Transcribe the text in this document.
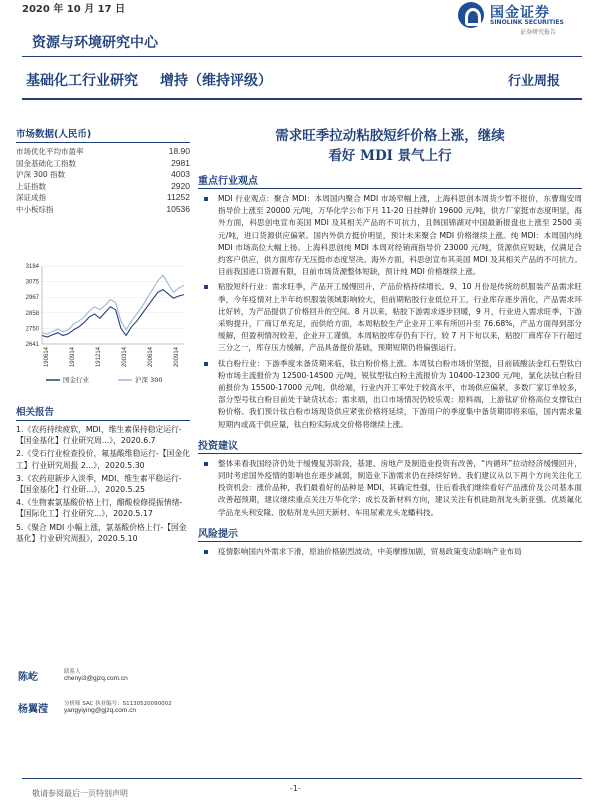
2020 年 10 月 17 日	国金证券
SINOLINK SECURITIES
证券研究报告
资源与环境研究中心
基础化工行业研究 增持（维持评级）	行业周报
市场数据(人民币)
市场优化平均市盈率	18.90
国金基础化工指数	2981
沪深 300 指数	4003
上证指数	2920
深证成指	11252
中小板综指	10536
3184
3075
2967
2858
2750
2641
190614	190914	191214	200314	200614	200914
国金行业	沪深 300
相关报告
1.《农药持续疲软，MDI、维生素保持稳定运行-【国金基化】行业研究周...》，2020.6.7
2.《受石行业检查投价，氟基酸维稳运行-【国金化工】行业研究周报 2...》，2020.5.30
3.《农药迎新步入淡季，MDI、维生素平稳运行-【国金基化】行业研...》，2020.5.25
4.《生物素氯基酸价格上行，醋酸检修提振情绪-【国际化工】行业研究...》，2020.5.17
5.《聚合 MDI 小幅上涨，氯基酸价格上行-【国金基化】行业研究周报》，2020.5.10
陈屹	联系人
chenyi3@gjzq.com.cn
杨翼滢	分析师 SAC 执业编号：S1130520090002
yangyiying@gjzq.com.cn
需求旺季拉动粘胶短纤价格上涨，继续
看好 MDI 景气上行
重点行业观点
MDI 行业观点：聚合 MDI：本周国内聚合 MDI 市场窄幅上涨，上海科思创本周货少暂不报价，东曹瑞安周指导价上涨至 20000 元/吨，万华化学公布下月 11-20 日挂牌价 19600 元/吨，供方厂家挺市态度明显，海外方面，科思创电宣布美国 MDI 及其相关产品的不可抗力，且韩国锦湖对中国最新报盘也上涨至 2500 美元/吨，进口货源供应偏紧。国内外供方挺价明显，预计未来聚合 MDI 价格继续上涨。纯 MDI：本周国内纯 MDI 市场高位大幅上扬。上海科思创纯 MDI 本周对经销商指导价 23000 元/吨，货源供应短缺，仅满足合约客户供应，供方面库存无压挺市态度坚决。海外方面，科思创宣布其美国 MDI 及其相关产品的不可抗力。目前我国进口货源有限，目前市场货源整体短缺，预计纯 MDI 价格继续上涨。
粘胶短纤行业：需求旺季，产品开工缓慢回升，产品价格持续增长。9、10 月份是传统纺织服装产品需求旺季，今年疫情对上半年纺织服装领域影响较大，但前期粘胶行业低位开工，行业库存逐步消化，产品需求环比好转，为产品提供了价格回升的空间。8 月以来，粘胶下游需求逐步回暖，9 月，行业进入需求旺季，下游采购提升，厂商订单充足，而供给方面，本周粘胶生产企业开工率有所回升至 76.68%，产品方面得到部分缓解，但盈利情况较差，企业开工谨慎，本周粘胶库存仍有下行，较 7 月下旬以来，粘胶厂商库存下行超过三分之一，库存压力缓解，产品具备提价基础，预期短期仍将偏强运行。
钛白粉行业：下游季度末备货期来临，钛白粉价格上涨。本周钛白粉市场价坚挺，目前硫酸法金红石型钛白粉市场主流报价为 12500-14500 元/吨，锐钛型钛白粉主流报价为 10400-12300 元/吨，氯化法钛白粉目前报价为 15500-17000 元/吨。供给端，行业内开工率处于较高水平，市场供应偏紧，多数厂家订单较多，部分型号钛白粉目前处于缺货状态；需求端，出口市场情况仍较乐观；原料端，上游钛矿价格高位支撑钛白粉价格。我们预计钛白粉市场现货供应紧张价格将延续，下游用户的季度集中备货期即将来临，国内需求量短期内或高于供应量，钛白粉实际成交价格将继续上涨。
投资建议
整体来看我国经济仍处于缓慢复苏阶段，基建、房地产及制造业投资有改善，“内循环”拉动经济缓慢回升，同时考虑国外疫情的影响也在逐步减弱，制造业下游需求仍在持续好转。我们建议从以下两个方向关注化工投资机会：涨价品种，我们最看好的品种是 MDI，其确定性强，往后看我们继续看好产品涨价及公司基本面改善超预期，建议继续重点关注万华化学；成长及新材料方向，建议关注有机硅助剂龙头新亚强、优质氟化学品龙头利安隆、胶粘剂龙头回天新材、车用尿素龙头龙蟠科技。
风险提示
疫情影响国内外需求下滑，原油价格剧烈波动，中美摩擦加剧，贸易政策变动影响产业布局
-1-
敬请参阅最后一页特别声明
